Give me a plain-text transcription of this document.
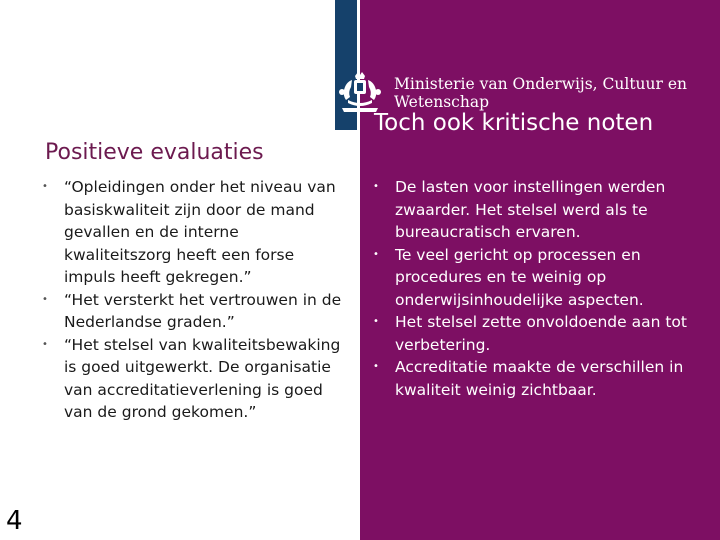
Ministerie van Onderwijs, Cultuur en
Wetenschap
Positieve evaluaties
• “Opleidingen onder het niveau van basiskwaliteit zijn door de mand gevallen en de interne kwaliteitszorg heeft een forse impuls heeft gekregen.”
• “Het versterkt het vertrouwen in de Nederlandse graden.”
• “Het stelsel van kwaliteitsbewaking is goed uitgewerkt. De organisatie van accreditatieverlening is goed van de grond gekomen.”
Toch ook kritische noten
• De lasten voor instellingen werden zwaarder. Het stelsel werd als te bureaucratisch ervaren.
• Te veel gericht op processen en procedures en te weinig op onderwijsinhoudelijke aspecten.
• Het stelsel zette onvoldoende aan tot verbetering.
• Accreditatie maakte de verschillen in kwaliteit weinig zichtbaar.
4
